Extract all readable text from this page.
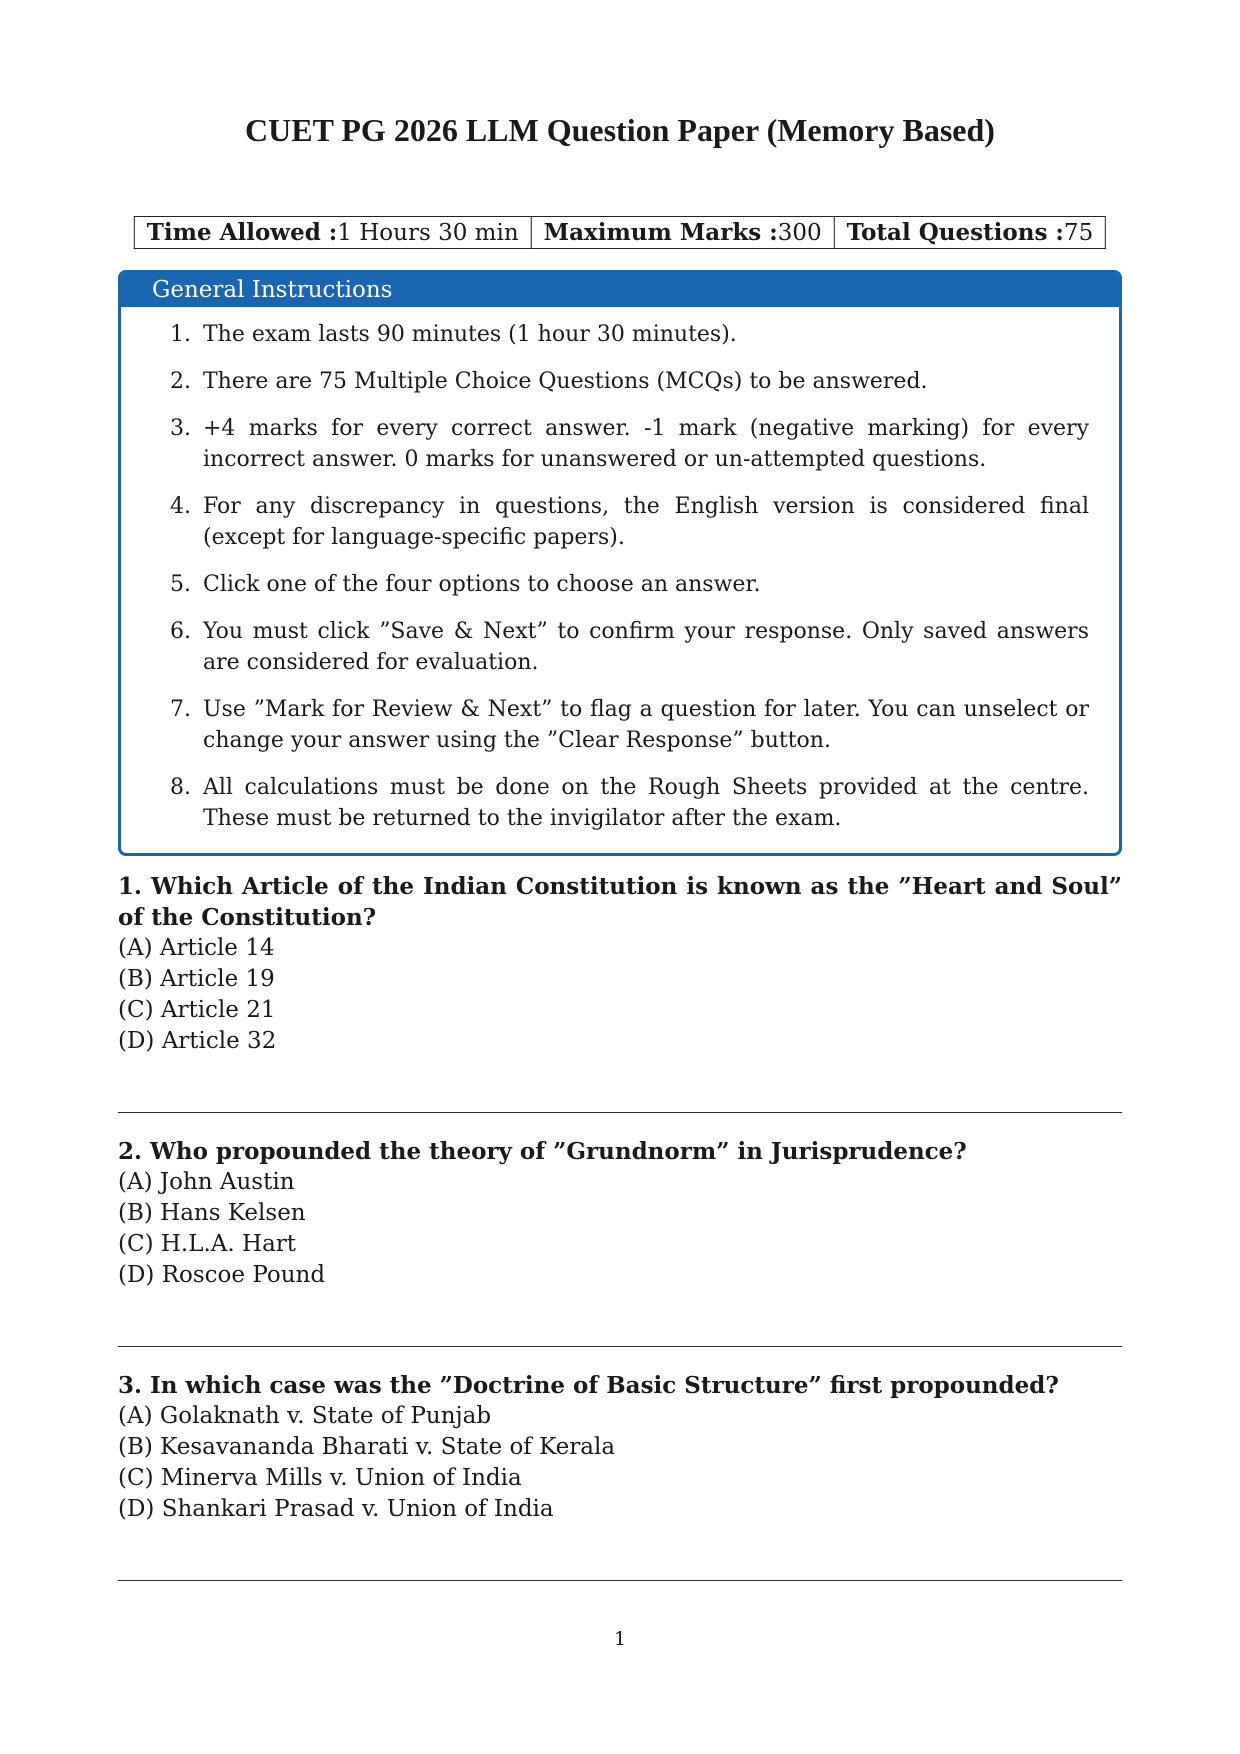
CUET PG 2026 LLM Question Paper (Memory Based)
Time Allowed :1 Hours 30 min	Maximum Marks :300	Total Questions :75
General Instructions
1. The exam lasts 90 minutes (1 hour 30 minutes).
2. There are 75 Multiple Choice Questions (MCQs) to be answered.
3. +4 marks for every correct answer. -1 mark (negative marking) for every incorrect answer. 0 marks for unanswered or un-attempted questions.
4. For any discrepancy in questions, the English version is considered final (except for language-specific papers).
5. Click one of the four options to choose an answer.
6. You must click ”Save & Next” to confirm your response. Only saved answers are considered for evaluation.
7. Use ”Mark for Review & Next” to flag a question for later. You can unselect or change your answer using the ”Clear Response” button.
8. All calculations must be done on the Rough Sheets provided at the centre. These must be returned to the invigilator after the exam.

1. Which Article of the Indian Constitution is known as the ”Heart and Soul” of the Constitution?

(A) Article 14

(B) Article 19

(C) Article 21

(D) Article 32

2. Who propounded the theory of ”Grundnorm” in Jurisprudence?

(A) John Austin

(B) Hans Kelsen

(C) H.L.A. Hart

(D) Roscoe Pound

3. In which case was the ”Doctrine of Basic Structure” first propounded?

(A) Golaknath v. State of Punjab

(B) Kesavananda Bharati v. State of Kerala

(C) Minerva Mills v. Union of India

(D) Shankari Prasad v. Union of India

1
